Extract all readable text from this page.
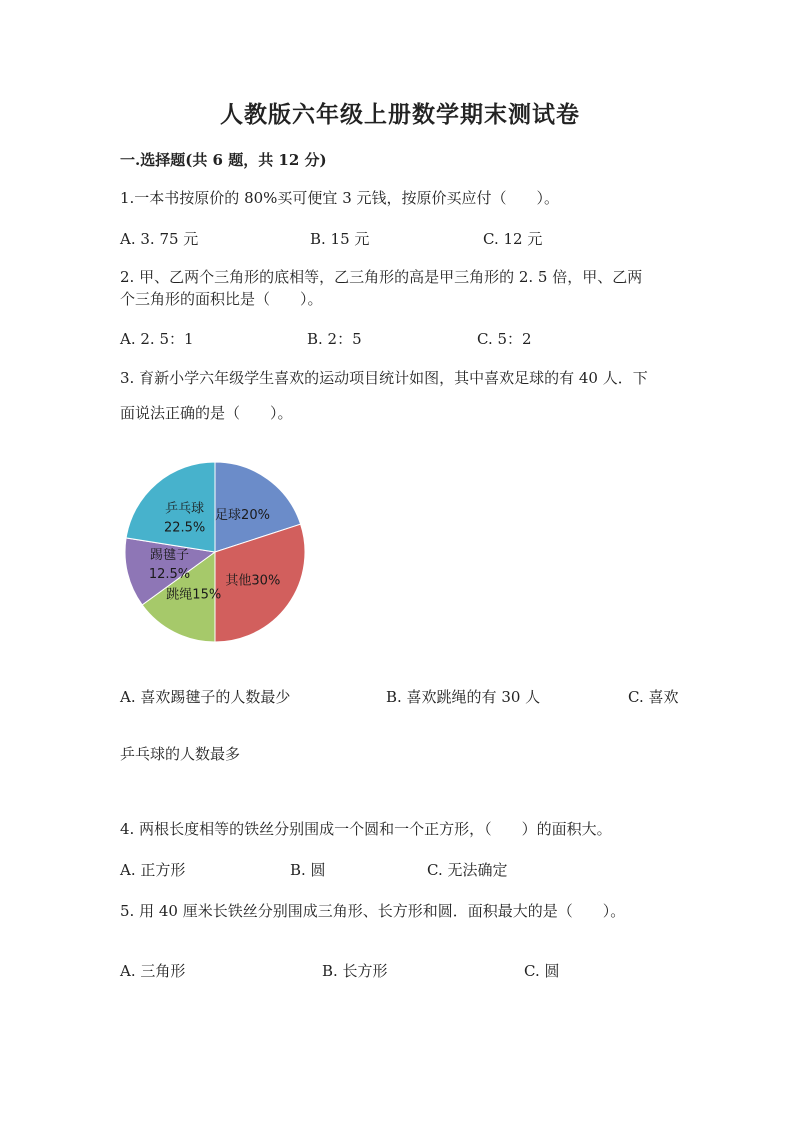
人教版六年级上册数学期末测试卷
一.选择题(共 6 题，共 12 分)
1.一本书按原价的 80%买可便宜 3 元钱，按原价买应付（　　）。
A. 3. 75 元	B. 15 元	C. 12 元
2. 甲、乙两个三角形的底相等，乙三角形的高是甲三角形的 2. 5 倍，甲、乙两
个三角形的面积比是（　　）。
A. 2. 5：1	B. 2：5	C. 5：2
3. 育新小学六年级学生喜欢的运动项目统计如图，其中喜欢足球的有 40 人．下
面说法正确的是（　　）。
足球20%
其他30%
跳绳15%
踢毽子 12.5%
乒乓球 22.5%
A. 喜欢踢毽子的人数最少	B. 喜欢跳绳的有 30 人	C. 喜欢
乒乓球的人数最多
4. 两根长度相等的铁丝分别围成一个圆和一个正方形，（　　）的面积大。
A. 正方形	B. 圆	C. 无法确定
5. 用 40 厘米长铁丝分别围成三角形、长方形和圆．面积最大的是（　　）。
A. 三角形	B. 长方形	C. 圆
